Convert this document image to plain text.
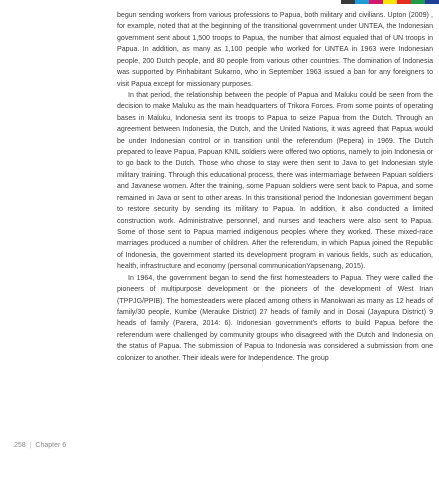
begun sending workers from various professions to Papua, both military and civilians. Upton (2009) , for example, noted that at the beginning of the transitional government under UNTEA, the Indonesian government sent about 1,500 troops to Papua, the number that almost equaled that of UN troops in Papua. In addition, as many as 1,100 people who worked for UNTEA in 1963 were Indonesian people, 200 Dutch people, and 80 people from various other countries. The domination of Indonesia was supported by Pinhabitant Sukarno, who in September 1963 issued a ban for any foreigners to visit Papua except for missionary purposes.

In that period, the relationship between the people of Papua and Maluku could be seen from the decision to make Maluku as the main headquarters of Trikora Forces. From some points of operating bases in Maluku, Indonesia sent its troops to Papua to seize Papua from the Dutch. Through an agreement between Indonesia, the Dutch, and the United Nations, it was agreed that Papua would be under Indonesian control or in transition until the referendum (Pepera) in 1969. The Dutch prepared to leave Papua, Papuan KNIL soldiers were offered two options, namely to join Indonesia or to go back to the Dutch. Those who chose to stay were then sent to Java to get Indonesian style military training. Through this educational process, there was intermarriage between Papuan soldiers and Javanese women. After the training, some Papuan soldiers were sent back to Papua, and some remained in Java or sent to other areas. In this transitional period the Indonesian government began to restore security by sending its military to Papua. In addition, it also conducted a limited construction work. Administrative personnel, and nurses and teachers were also sent to Papua. Some of those sent to Papua married indigenous peoples where they worked. These mixed-race marriages produced a number of children. After the referendum, in which Papua joined the Republic of Indonesia, the government started its development program in various fields, such as education, health, infrastructure and economy (personal communicationYapsenang, 2015).

In 1964, the government began to send the first homesteaders to Papua. They were called the pioneers of multipurpose development or the pioneers of the development of West Irian (TPPJG/PPIB). The homesteaders were placed among others in Manokwari as many as 12 heads of family/30 people, Kumbe (Merauke District) 27 heads of family and in Dosai (Jayapura District) 9 heads of family (Parera, 2014: 6). Indonesian government's efforts to build Papua before the referendum were challenged by community groups who disagreed with the Dutch and Indonesia on the status of Papua. The submission of Papua to Indonesia was considered a submission from one colonizer to another. Their ideals were for Independence. The group

258 | Chapter 6
